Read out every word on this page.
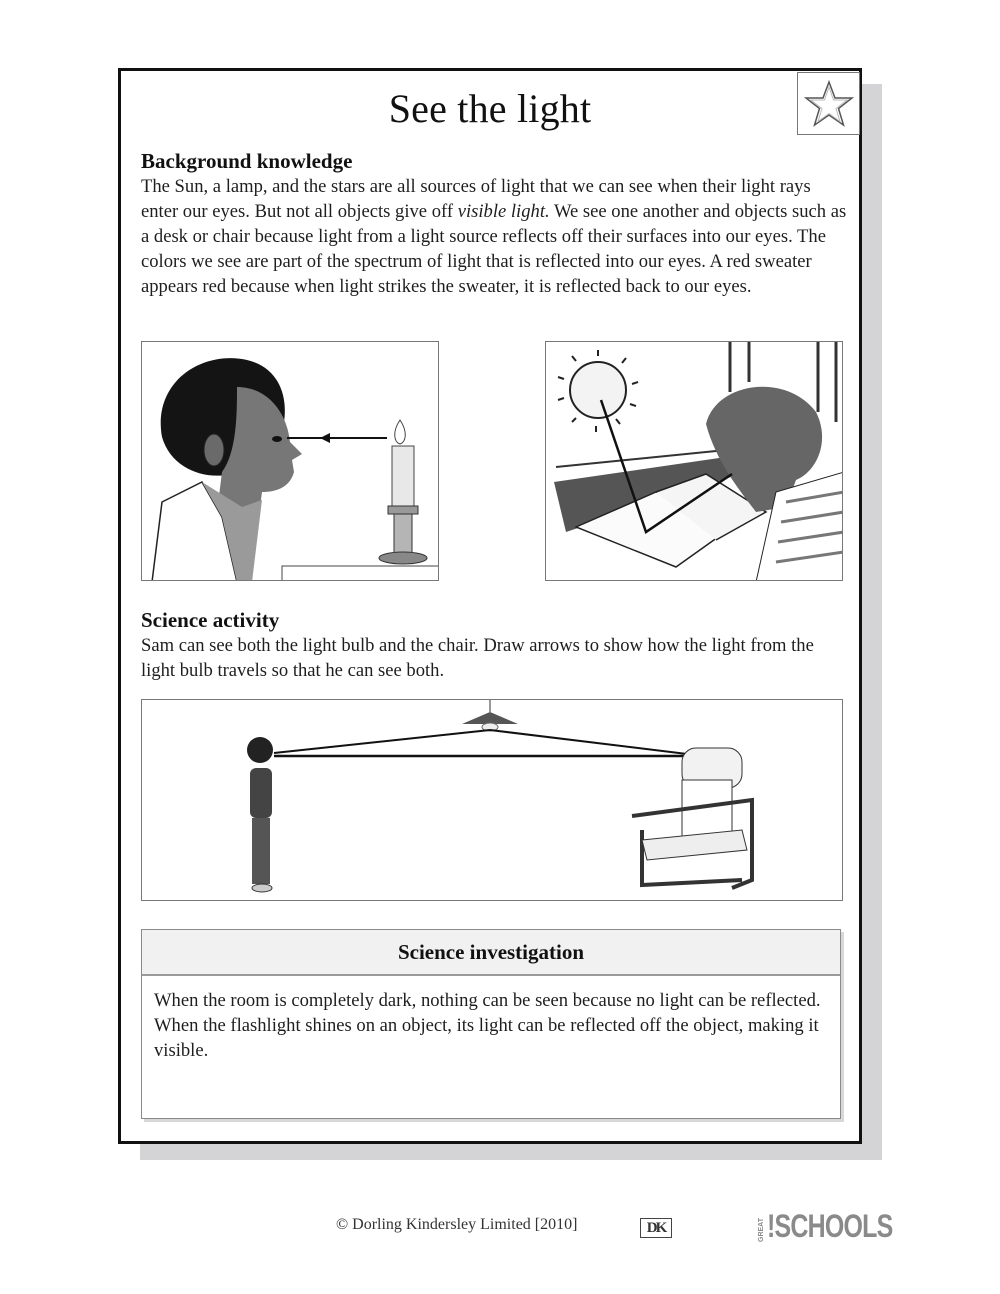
See the light
Background knowledge

The Sun, a lamp, and the stars are all sources of light that we can see when their light rays enter our eyes. But not all objects give off visible light. We see one another and objects such as a desk or chair because light from a light source reflects off their surfaces into our eyes. The colors we see are part of the spectrum of light that is reflected into our eyes. A red sweater appears red because when light strikes the sweater, it is reflected back to our eyes.

Science activity

Sam can see both the light bulb and the chair. Draw arrows to show how the light from the light bulb travels so that he can see both.

Science investigation
When the room is completely dark, nothing can be seen because no light can be reflected. When the flashlight shines on an object, its light can be reflected off the object, making it visible.
© Dorling Kindersley Limited [2010]	DK	GREAT !SCHOOLS
